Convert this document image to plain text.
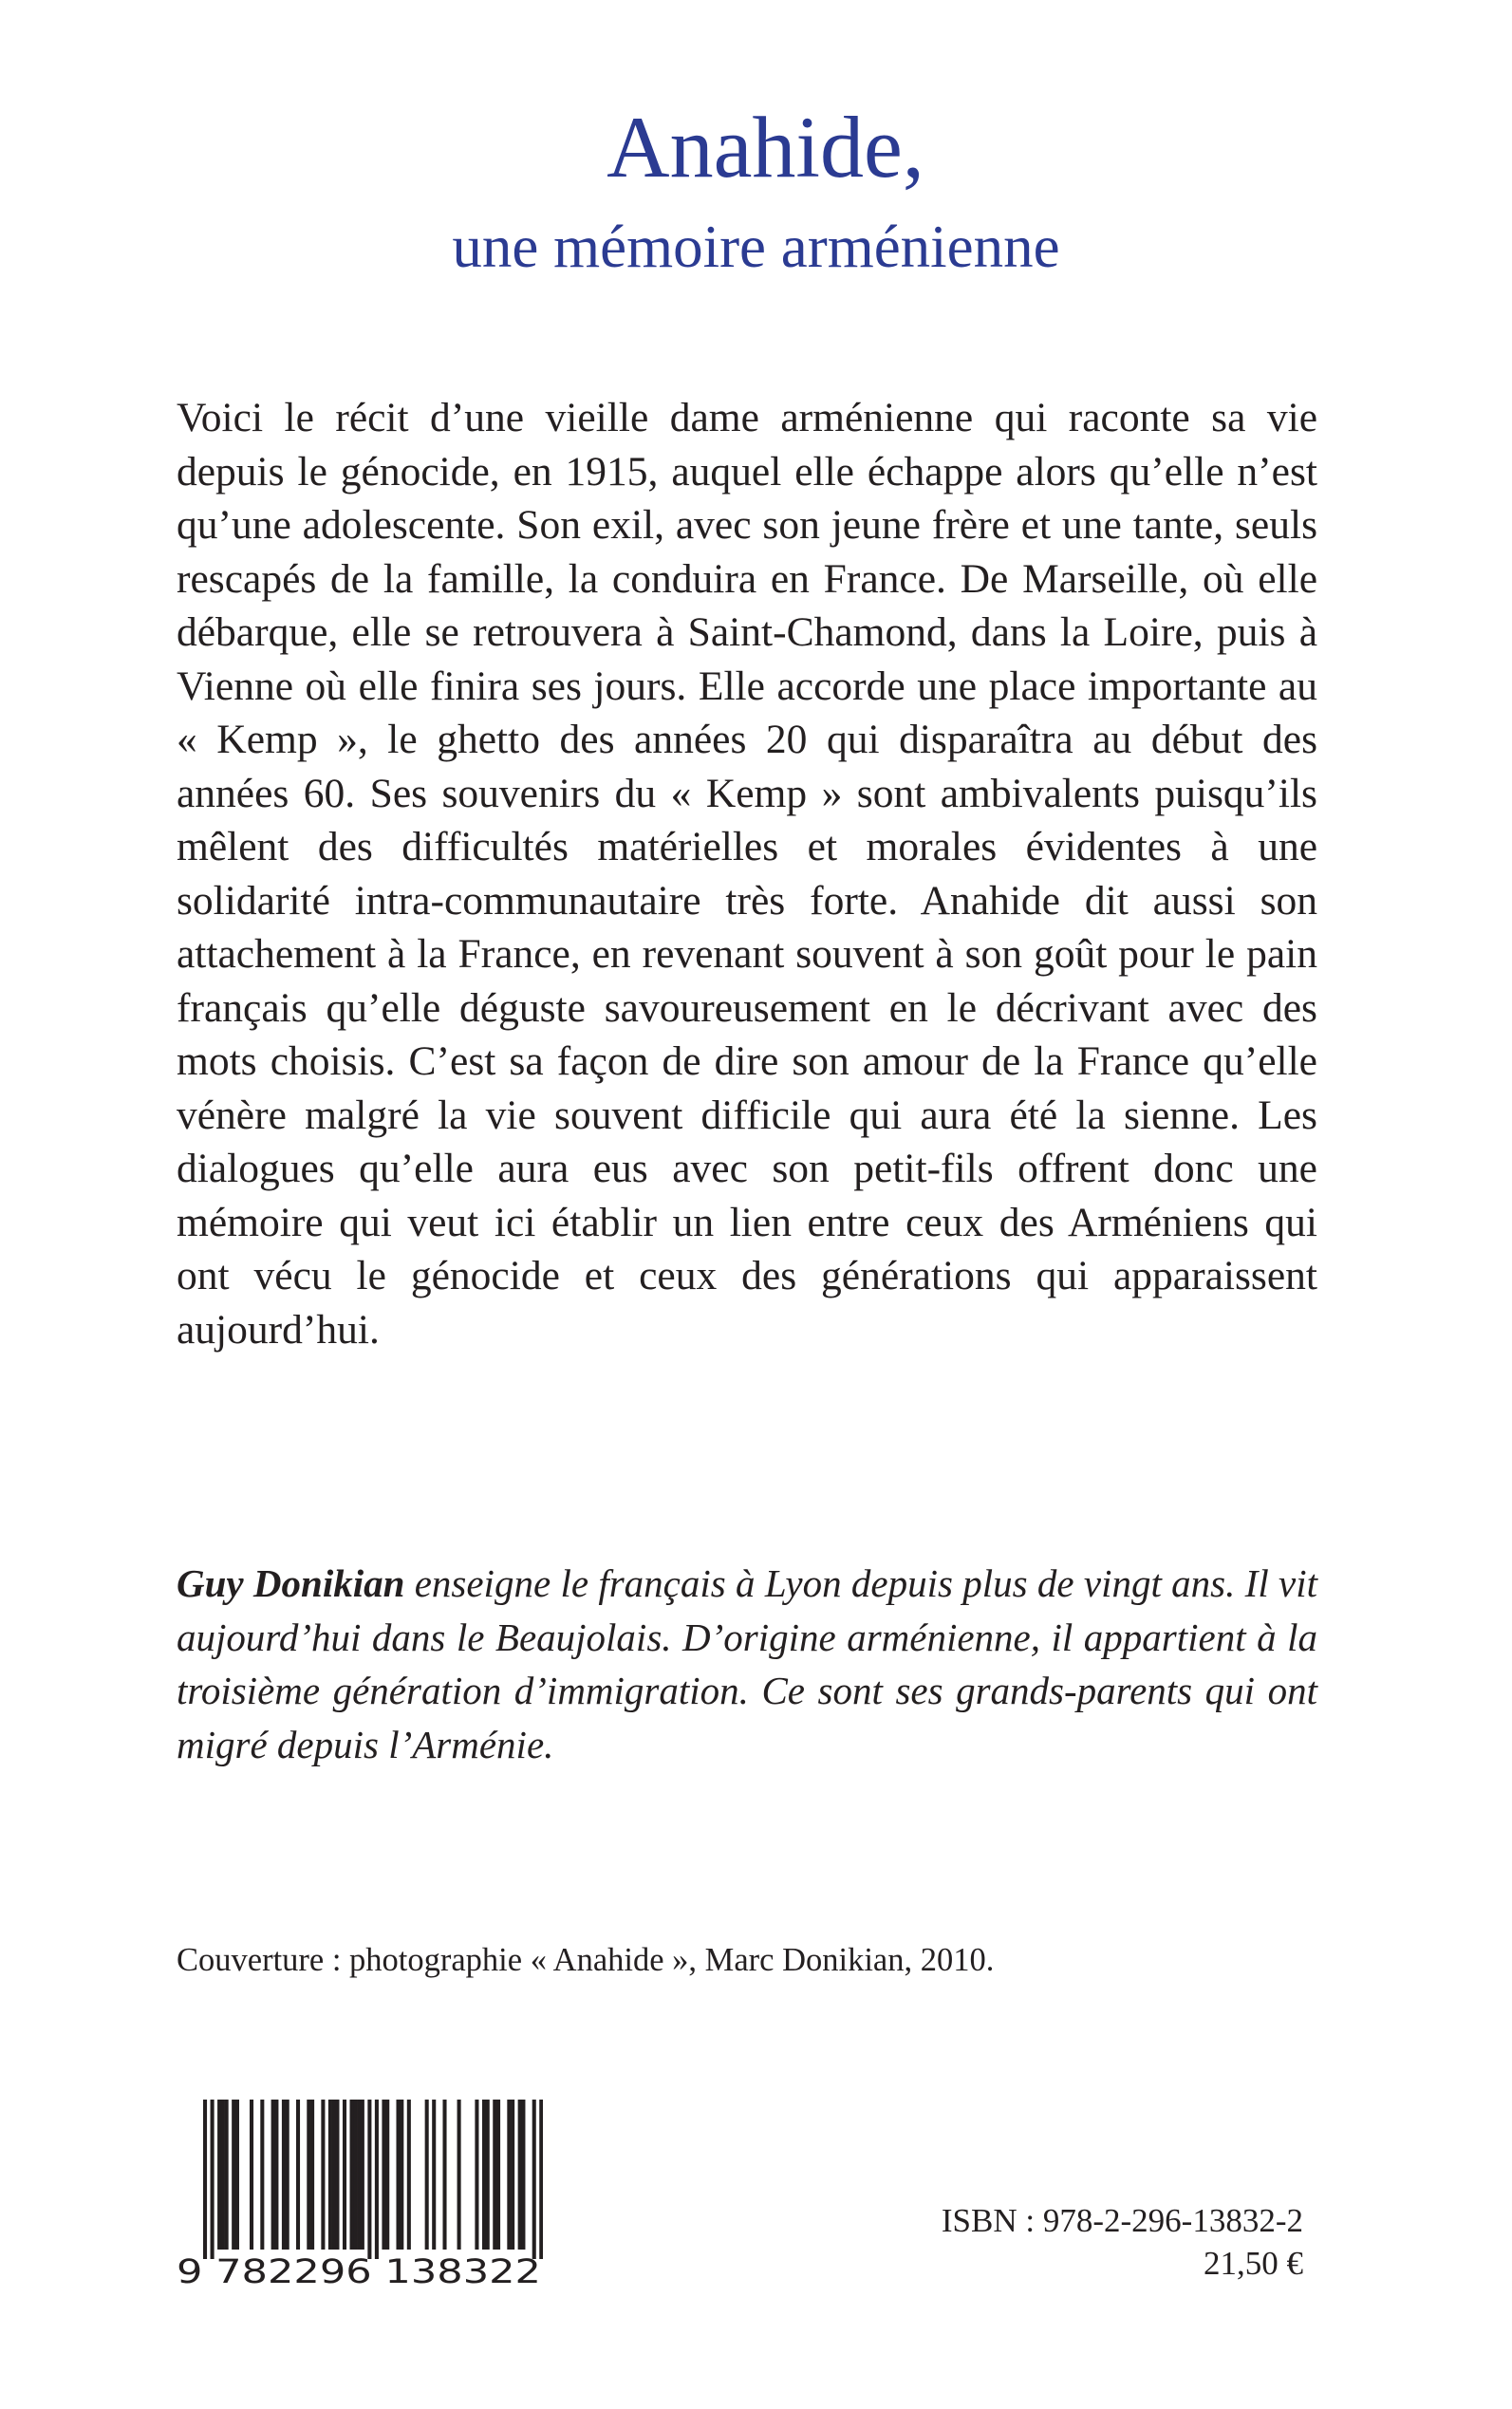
Anahide,
une mémoire arménienne

Voici le récit d’une vieille dame arménienne qui raconte sa vie depuis le génocide, en 1915, auquel elle échappe alors qu’elle n’est qu’une adolescente. Son exil, avec son jeune frère et une tante, seuls rescapés de la famille, la conduira en France. De Marseille, où elle débarque, elle se retrouvera à Saint-Chamond, dans la Loire, puis à Vienne où elle finira ses jours. Elle accorde une place importante au « Kemp », le ghetto des années 20 qui disparaîtra au début des années 60. Ses souvenirs du « Kemp » sont ambivalents puisqu’ils mêlent des difficultés matérielles et morales évidentes à une solidarité intra-communautaire très forte. Anahide dit aussi son attachement à la France, en revenant souvent à son goût pour le pain français qu’elle déguste savoureusement en le décrivant avec des mots choisis. C’est sa façon de dire son amour de la France qu’elle vénère malgré la vie souvent difficile qui aura été la sienne. Les dialogues qu’elle aura eus avec son petit-fils offrent donc une mémoire qui veut ici établir un lien entre ceux des Arméniens qui ont vécu le génocide et ceux des générations qui apparaissent aujourd’hui.

Guy Donikian enseigne le français à Lyon depuis plus de vingt ans. Il vit aujourd’hui dans le Beaujolais. D’origine arménienne, il appartient à la troisième génération d’immigration. Ce sont ses grands-parents qui ont migré depuis l’Arménie.

Couverture : photographie « Anahide », Marc Donikian, 2010.

9 782296 138322
ISBN : 978-2-296-13832-2
21,50 €
